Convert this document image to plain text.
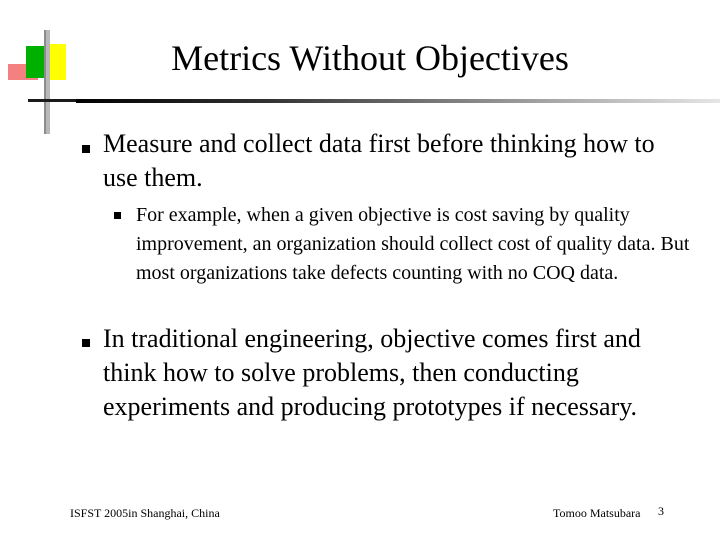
Metrics Without Objectives
Measure and collect data first before thinking how to use them.
For example, when a given objective is cost saving by quality improvement, an organization should collect cost of quality data. But most organizations take defects counting with no COQ data.
In traditional engineering, objective comes first and think how to solve problems, then conducting experiments and producing prototypes if necessary.
ISFST 2005in Shanghai, China	Tomoo Matsubara 3
